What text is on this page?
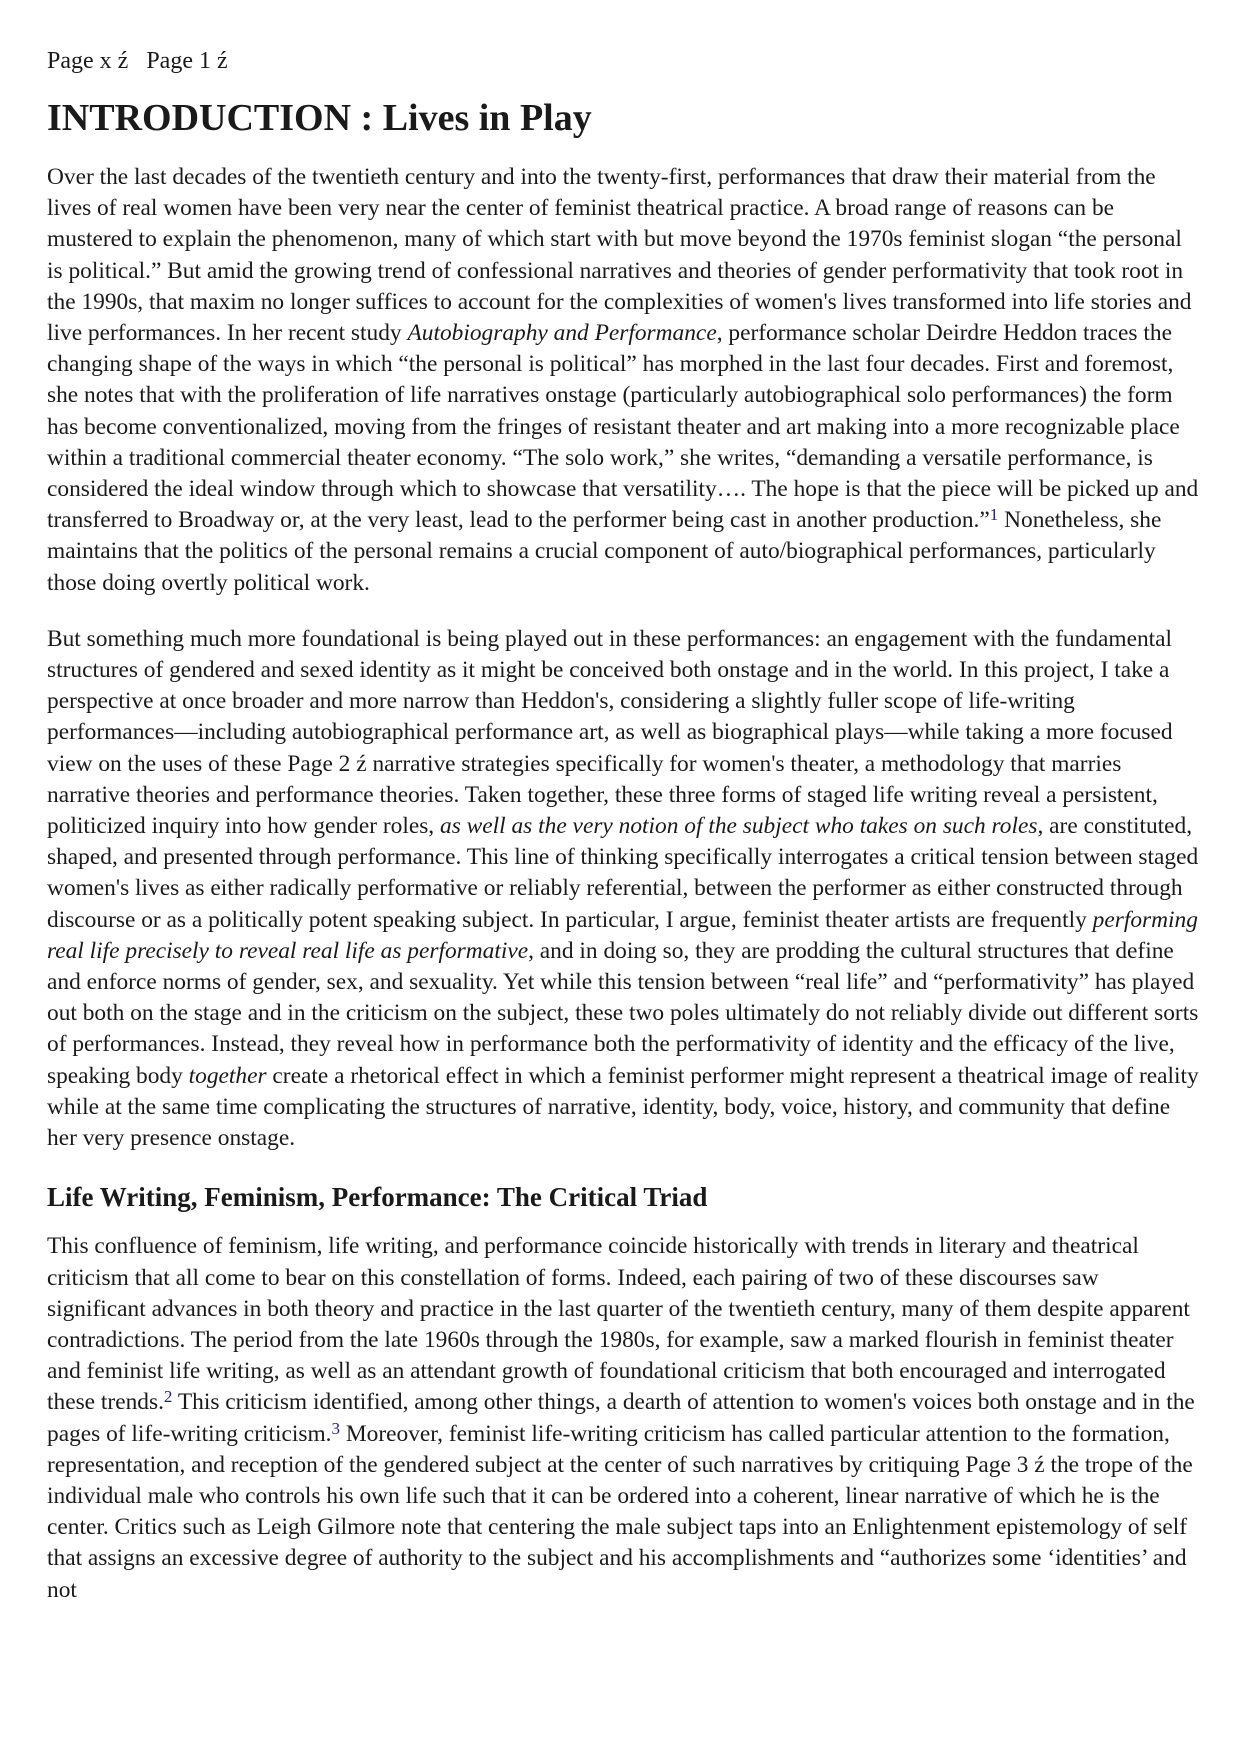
Page x ź Page 1 ź
INTRODUCTION : Lives in Play

Over the last decades of the twentieth century and into the twenty-first, performances that draw their material from the lives of real women have been very near the center of feminist theatrical practice. A broad range of reasons can be mustered to explain the phenomenon, many of which start with but move beyond the 1970s feminist slogan “the personal is political.” But amid the growing trend of confessional narratives and theories of gender performativity that took root in the 1990s, that maxim no longer suffices to account for the complexities of women's lives transformed into life stories and live performances. In her recent study Autobiography and Performance, performance scholar Deirdre Heddon traces the changing shape of the ways in which “the personal is political” has morphed in the last four decades. First and foremost, she notes that with the proliferation of life narratives onstage (particularly autobiographical solo performances) the form has become conventionalized, moving from the fringes of resistant theater and art making into a more recognizable place within a traditional commercial theater economy. “The solo work,” she writes, “demanding a versatile performance, is considered the ideal window through which to showcase that versatility…. The hope is that the piece will be picked up and transferred to Broadway or, at the very least, lead to the performer being cast in another production.”$^1$ Nonetheless, she maintains that the politics of the personal remains a crucial component of auto/biographical performances, particularly those doing overtly political work.

But something much more foundational is being played out in these performances: an engagement with the fundamental structures of gendered and sexed identity as it might be conceived both onstage and in the world. In this project, I take a perspective at once broader and more narrow than Heddon's, considering a slightly fuller scope of life-writing performances—including autobiographical performance art, as well as biographical plays—while taking a more focused view on the uses of these Page 2 ź narrative strategies specifically for women's theater, a methodology that marries narrative theories and performance theories. Taken together, these three forms of staged life writing reveal a persistent, politicized inquiry into how gender roles, as well as the very notion of the subject who takes on such roles, are constituted, shaped, and presented through performance. This line of thinking specifically interrogates a critical tension between staged women's lives as either radically performative or reliably referential, between the performer as either constructed through discourse or as a politically potent speaking subject. In particular, I argue, feminist theater artists are frequently performing real life precisely to reveal real life as performative, and in doing so, they are prodding the cultural structures that define and enforce norms of gender, sex, and sexuality. Yet while this tension between “real life” and “performativity” has played out both on the stage and in the criticism on the subject, these two poles ultimately do not reliably divide out different sorts of performances. Instead, they reveal how in performance both the performativity of identity and the efficacy of the live, speaking body together create a rhetorical effect in which a feminist performer might represent a theatrical image of reality while at the same time complicating the structures of narrative, identity, body, voice, history, and community that define her very presence onstage.

Life Writing, Feminism, Performance: The Critical Triad

This confluence of feminism, life writing, and performance coincide historically with trends in literary and theatrical criticism that all come to bear on this constellation of forms. Indeed, each pairing of two of these discourses saw significant advances in both theory and practice in the last quarter of the twentieth century, many of them despite apparent contradictions. The period from the late 1960s through the 1980s, for example, saw a marked flourish in feminist theater and feminist life writing, as well as an attendant growth of foundational criticism that both encouraged and interrogated these trends.$^2$ This criticism identified, among other things, a dearth of attention to women's voices both onstage and in the pages of life-writing criticism.$^3$ Moreover, feminist life-writing criticism has called particular attention to the formation, representation, and reception of the gendered subject at the center of such narratives by critiquing Page 3 ź the trope of the individual male who controls his own life such that it can be ordered into a coherent, linear narrative of which he is the center. Critics such as Leigh Gilmore note that centering the male subject taps into an Enlightenment epistemology of self that assigns an excessive degree of authority to the subject and his accomplishments and “authorizes some ‘identities’ and not
